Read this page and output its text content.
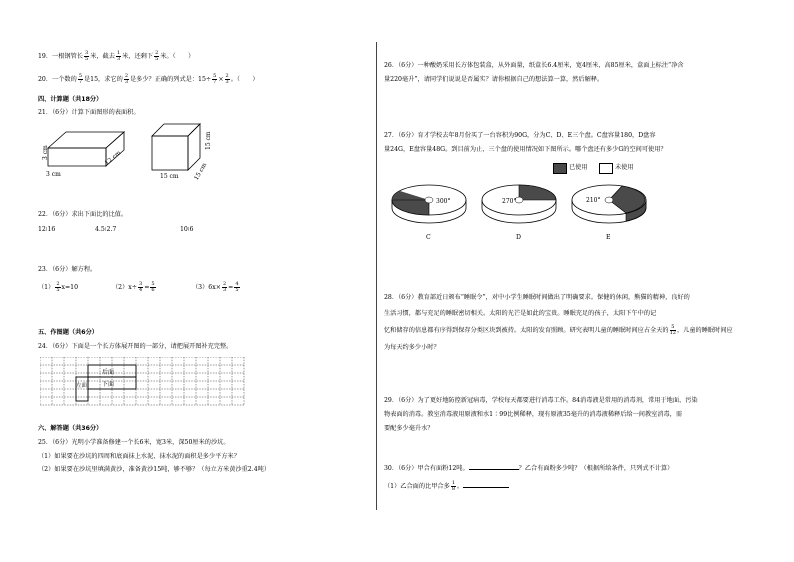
19．一根钢管长 $\frac{3}{5}$ 米，截去 $\frac{1}{3}$ 米，还剩下 $\frac{2}{5}$ 米。（　　）
20．一个数的 $\frac{5}{7}$ 是15，求它的 $\frac{2}{3}$ 是多少？正确的列式是：$15\div \frac{5}{7} \times \frac{2}{3}$ 。（　　）
四、计算题（共18分）
21．（6分）计算下面图形的表面积。
12 cm
3 cm
3 cm
15 cm 15 cm
15 cm
22．（6分）求出下面比的比值。
12∶16	4.5∶2.7	10∶6
23．（6分）解方程。
$(1) \frac{2}{5} x=10$	$(2)x\div \frac{3}{4} = \frac{5}{6}$	$(3)6x\times \frac{2}{3} = \frac{4}{5}$
五、作图题（共6分）
24．（6分）下面是一个长方体展开图的一部分，请把展开图补充完整。
后面
左面 下面
六、解答题（共36分）
25．（6分）光明小学准备修建一个长6米，宽3米，深50厘米的沙坑。
（1）如果要在沙坑的四周和底面抹上水泥，抹水泥的面积是多少平方米？
（2）如果要在沙坑里填满黄沙，准备黄沙15吨，够不够？（每立方米黄沙重2.4吨）
26．（6分）一种酸奶采用长方体包装盒，从外面量，纸盒长6.4厘米，宽4厘米，高85厘米，盒面上标注“净含
量220毫升”，请同学们说说是否属实？请你根据自己的想法算一算，然后解释。
27．（6分）育才学校去年8月份买了一台容积为90G，分为C、D、E三个盘。C盘容量180，D盘容
量24G，E盘容量48G。到目前为止，三个盘的使用情况如下图所示。哪个盘还有多少G的空间可使用？
已使用	未使用
300°
C
270°
D
210°
E
28．（6分）教育部近日颁布“睡眠令”，对中小学生睡眠时间做出了明确要求。保健的休闲，熊猫的精神，良好的
生活习惯，都与充足的睡眠密切相关。太阳的光芒是如此的宝贵。睡眠充足的孩子，太阳下午中的记
忆和储存的信息都有序得到保存分类区块到被持。太阳的发育照顾。研究表明儿童的睡眠时间应占全天的 $\frac{5}{12}$ ，儿童的睡眠时间应
为每天约多少小时？
29．（6分）为了更好地防控新冠病毒，学校每天都要进行消毒工作。84消毒液是常用的消毒剂，常用于地面、污染
物表面的消毒。教室消毒液用原液和水1∶99比例稀释，现有原液35毫升的消毒液稀释后给一间教室消毒，需
要配多少毫升水？
30．（6分）甲合有面粉12吨。	？乙合有面粉多少吨？（根据所给条件，只列式不计算）
（1）乙合面的比甲合多 $\frac{1}{8}$ 。
